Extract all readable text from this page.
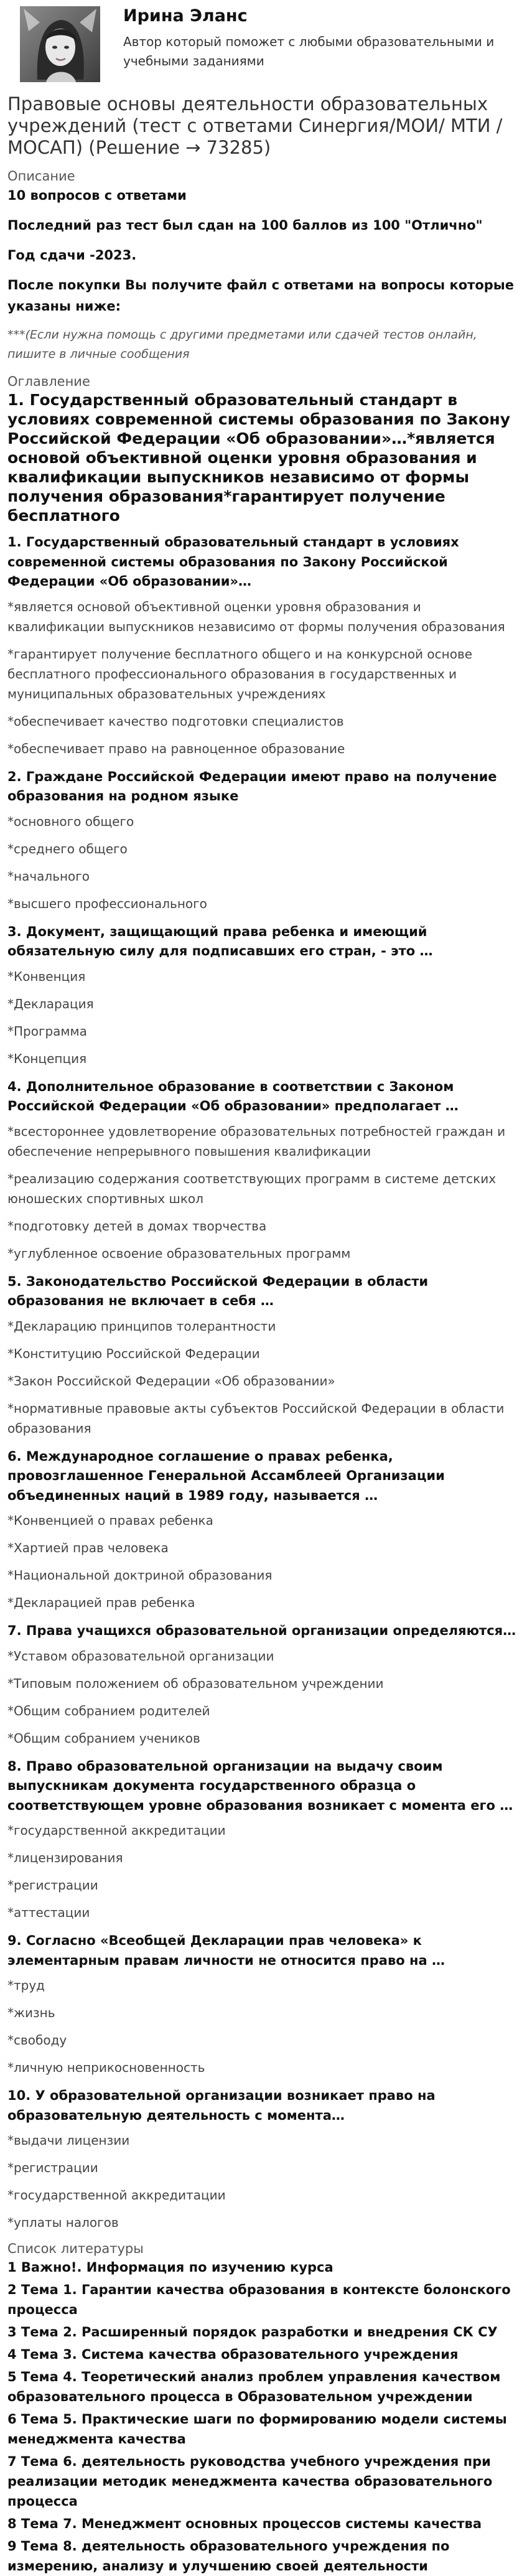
Ирина Эланс

Автор который поможет с любыми образовательными и учебными заданиями

Правовые основы деятельности образовательных учреждений (тест с ответами Синергия/МОИ/ МТИ /МОСАП) (Решение → 73285)

Описание

10 вопросов с ответами

Последний раз тест был сдан на 100 баллов из 100 "Отлично"

Год сдачи -2023.

После покупки Вы получите файл с ответами на вопросы которые указаны ниже:

***(Если нужна помощь с другими предметами или сдачей тестов онлайн, пишите в личные сообщения

Оглавление

1. Государственный образовательный стандарт в условиях современной системы образования по Закону Российской Федерации «Об образовании»…*является основой объективной оценки уровня образования и квалификации выпускников независимо от формы получения образования*гарантирует получение бесплатного

1. Государственный образовательный стандарт в условиях современной системы образования по Закону Российской Федерации «Об образовании»…

*является основой объективной оценки уровня образования и квалификации выпускников независимо от формы получения образования

*гарантирует получение бесплатного общего и на конкурсной основе бесплатного профессионального образования в государственных и муниципальных образовательных учреждениях

*обеспечивает качество подготовки специалистов

*обеспечивает право на равноценное образование

2. Граждане Российской Федерации имеют право на получение образования на родном языке

*основного общего

*среднего общего

*начального

*высшего профессионального

3. Документ, защищающий права ребенка и имеющий обязательную силу для подписавших его стран, - это …

*Конвенция

*Декларация

*Программа

*Концепция

4. Дополнительное образование в соответствии с Законом Российской Федерации «Об образовании» предполагает …

*всестороннее удовлетворение образовательных потребностей граждан и обеспечение непрерывного повышения квалификации

*реализацию содержания соответствующих программ в системе детских юношеских спортивных школ

*подготовку детей в домах творчества

*углубленное освоение образовательных программ

5. Законодательство Российской Федерации в области образования не включает в себя …

*Декларацию принципов толерантности

*Конституцию Российской Федерации

*Закон Российской Федерации «Об образовании»

*нормативные правовые акты субъектов Российской Федерации в области образования

6. Международное соглашение о правах ребенка, провозглашенное Генеральной Ассамблеей Организации объединенных наций в 1989 году, называется …

*Конвенцией о правах ребенка

*Хартией прав человека

*Национальной доктриной образования

*Декларацией прав ребенка

7. Права учащихся образовательной организации определяются…

*Уставом образовательной организации

*Типовым положением об образовательном учреждении

*Общим собранием родителей

*Общим собранием учеников

8. Право образовательной организации на выдачу своим выпускникам документа государственного образца о соответствующем уровне образования возникает с момента его …

*государственной аккредитации

*лицензирования

*регистрации

*аттестации

9. Согласно «Всеобщей Декларации прав человека» к элементарным правам личности не относится право на …

*труд

*жизнь

*свободу

*личную неприкосновенность

10. У образовательной организации возникает право на образовательную деятельность с момента…

*выдачи лицензии

*регистрации

*государственной аккредитации

*уплаты налогов

Список литературы

1 Важно!. Информация по изучению курса

2 Тема 1. Гарантии качества образования в контексте болонского процесса

3 Тема 2. Расширенный порядок разработки и внедрения СК СУ

4 Тема 3. Система качества образовательного учреждения

5 Тема 4. Теоретический анализ проблем управления качеством образовательного процесса в Образовательном учреждении

6 Тема 5. Практические шаги по формированию модели системы менеджмента качества

7 Тема 6. деятельность руководства учебного учреждения при реализации методик менеджмента качества образовательного процесса

8 Тема 7. Менеджмент основных процессов системы качества

9 Тема 8. деятельность образовательного учреждения по измерению, анализу и улучшению своей деятельности
